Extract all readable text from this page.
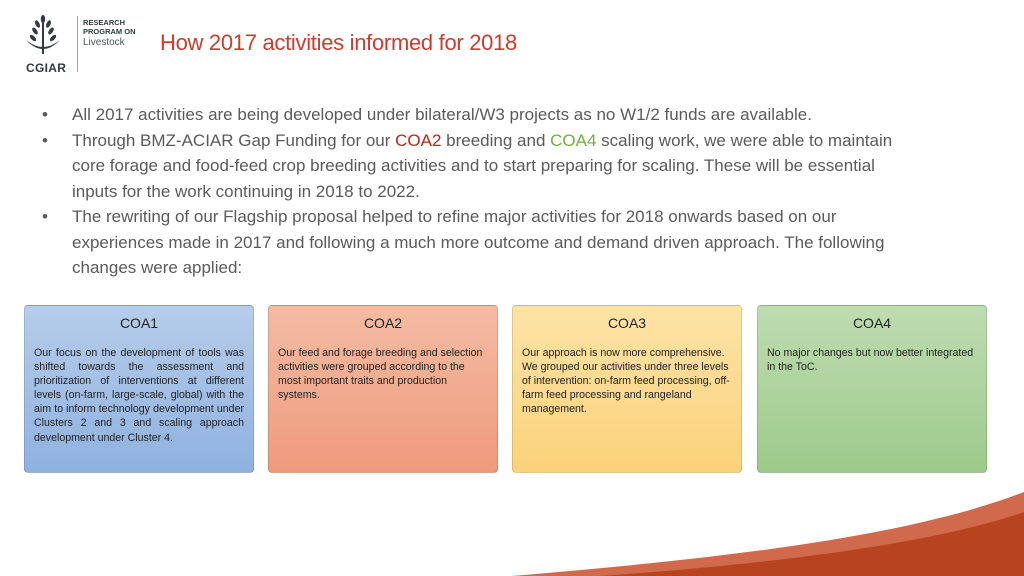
CGIAR
RESEARCH
PROGRAM ON
Livestock	How 2017 activities informed for 2018
• All 2017 activities are being developed under bilateral/W3 projects as no W1/2 funds are available.
• Through BMZ-ACIAR Gap Funding for our COA2 breeding and COA4 scaling work, we were able to maintain core forage and food-feed crop breeding activities and to start preparing for scaling. These will be essential inputs for the work continuing in 2018 to 2022.
• The rewriting of our Flagship proposal helped to refine major activities for 2018 onwards based on our experiences made in 2017 and following a much more outcome and demand driven approach. The following changes were applied:
COA1
Our focus on the development of tools was shifted towards the assessment and prioritization of interventions at different levels (on-farm, large-scale, global) with the aim to inform technology development under Clusters 2 and 3 and scaling approach development under Cluster 4.
COA2
Our feed and forage breeding and selection activities were grouped according to the most important traits and production systems.
COA3
Our approach is now more comprehensive. We grouped our activities under three levels of intervention: on-farm feed processing, off-farm feed processing and rangeland management.
COA4
No major changes but now better integrated in the ToC.
